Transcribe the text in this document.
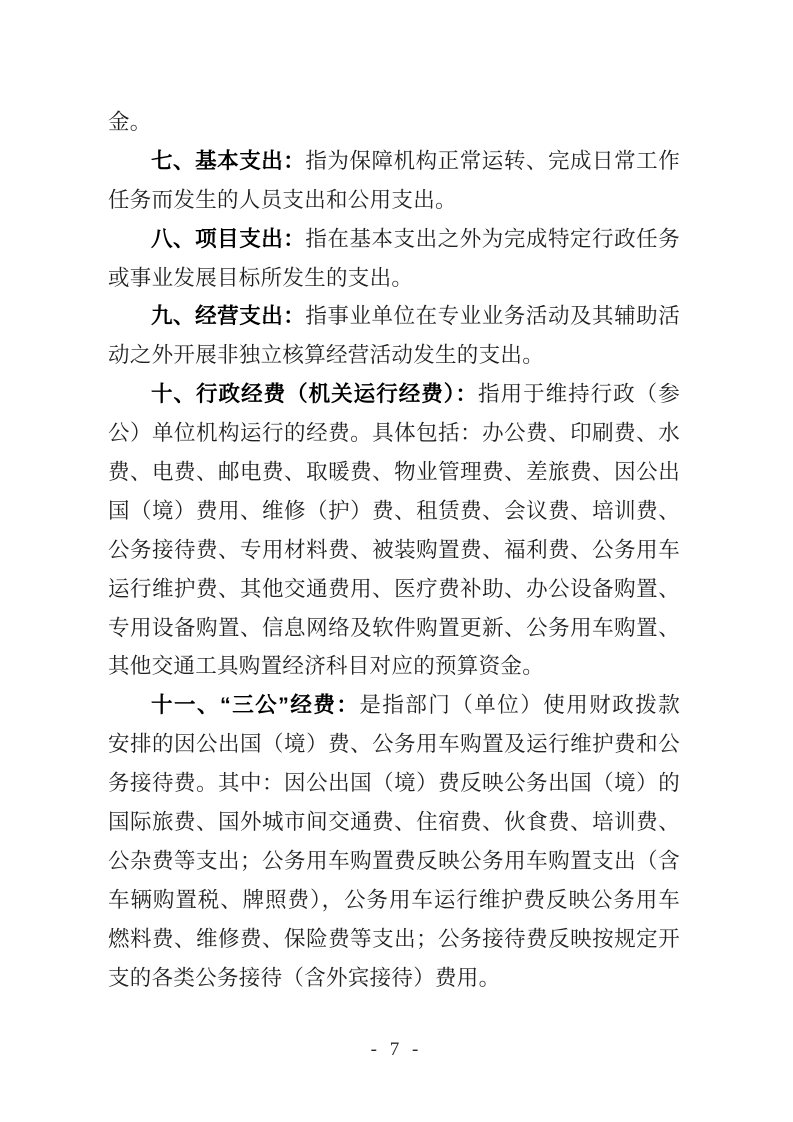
金。
七、基本支出：指为保障机构正常运转、完成日常工作
任务而发生的人员支出和公用支出。
八、项目支出：指在基本支出之外为完成特定行政任务
或事业发展目标所发生的支出。
九、经营支出：指事业单位在专业业务活动及其辅助活
动之外开展非独立核算经营活动发生的支出。
十、行政经费（机关运行经费）：指用于维持行政（参
公）单位机构运行的经费。具体包括：办公费、印刷费、水
费、电费、邮电费、取暖费、物业管理费、差旅费、因公出
国（境）费用、维修（护）费、租赁费、会议费、培训费、
公务接待费、专用材料费、被装购置费、福利费、公务用车
运行维护费、其他交通费用、医疗费补助、办公设备购置、
专用设备购置、信息网络及软件购置更新、公务用车购置、
其他交通工具购置经济科目对应的预算资金。
十一、“三公”经费：是指部门（单位）使用财政拨款
安排的因公出国（境）费、公务用车购置及运行维护费和公
务接待费。其中：因公出国（境）费反映公务出国（境）的
国际旅费、国外城市间交通费、住宿费、伙食费、培训费、
公杂费等支出；公务用车购置费反映公务用车购置支出（含
车辆购置税、牌照费），公务用车运行维护费反映公务用车
燃料费、维修费、保险费等支出；公务接待费反映按规定开
支的各类公务接待（含外宾接待）费用。
- 7 -
